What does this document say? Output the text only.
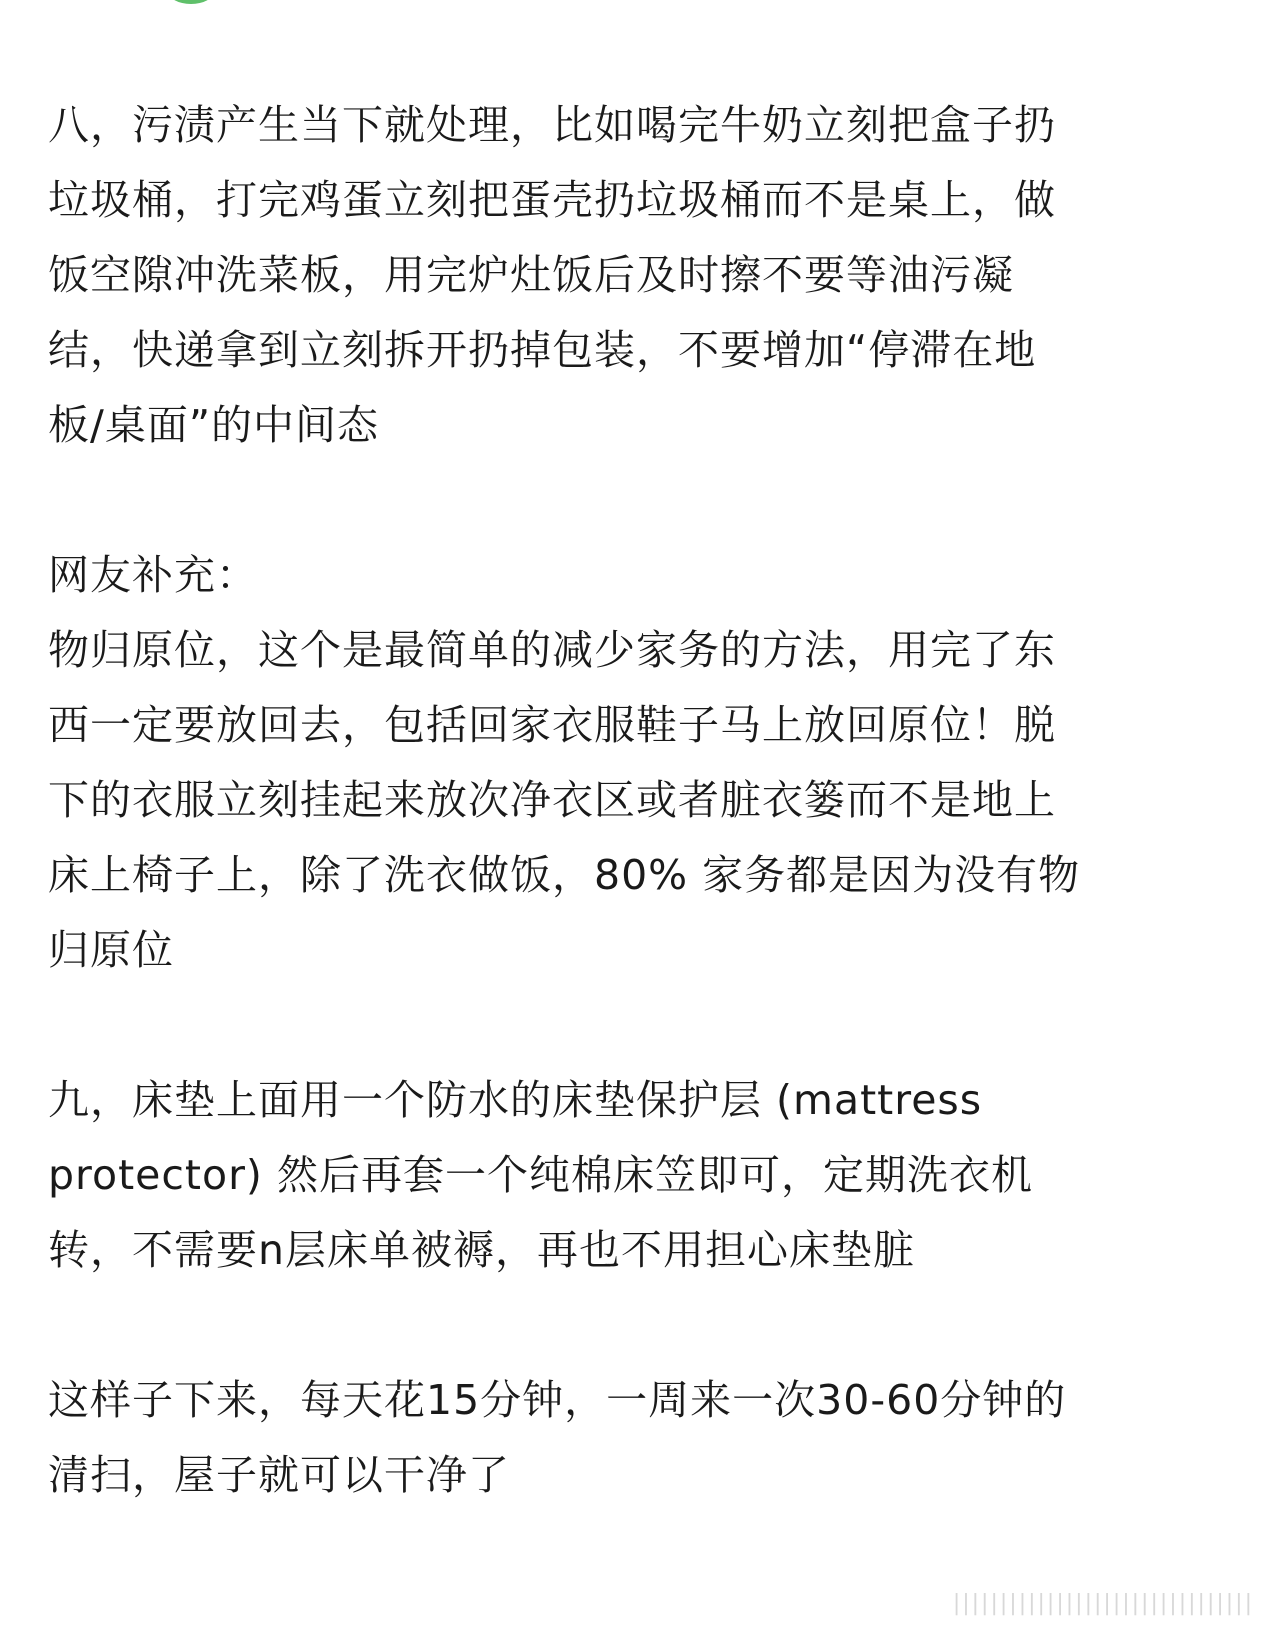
八，污渍产生当下就处理，比如喝完牛奶立刻把盒子扔
垃圾桶，打完鸡蛋立刻把蛋壳扔垃圾桶而不是桌上，做
饭空隙冲洗菜板，用完炉灶饭后及时擦不要等油污凝
结，快递拿到立刻拆开扔掉包装，不要增加“停滞在地
板/桌面”的中间态

网友补充：

物归原位，这个是最简单的减少家务的方法，用完了东
西一定要放回去，包括回家衣服鞋子马上放回原位！脱
下的衣服立刻挂起来放次净衣区或者脏衣篓而不是地上
床上椅子上，除了洗衣做饭，80% 家务都是因为没有物
归原位

九，床垫上面用一个防水的床垫保护层 (mattress
protector) 然后再套一个纯棉床笠即可，定期洗衣机
转，不需要n层床单被褥，再也不用担心床垫脏

这样子下来，每天花15分钟，一周来一次30-60分钟的
清扫，屋子就可以干净了

||||||||||||||||||||||||||||||||
